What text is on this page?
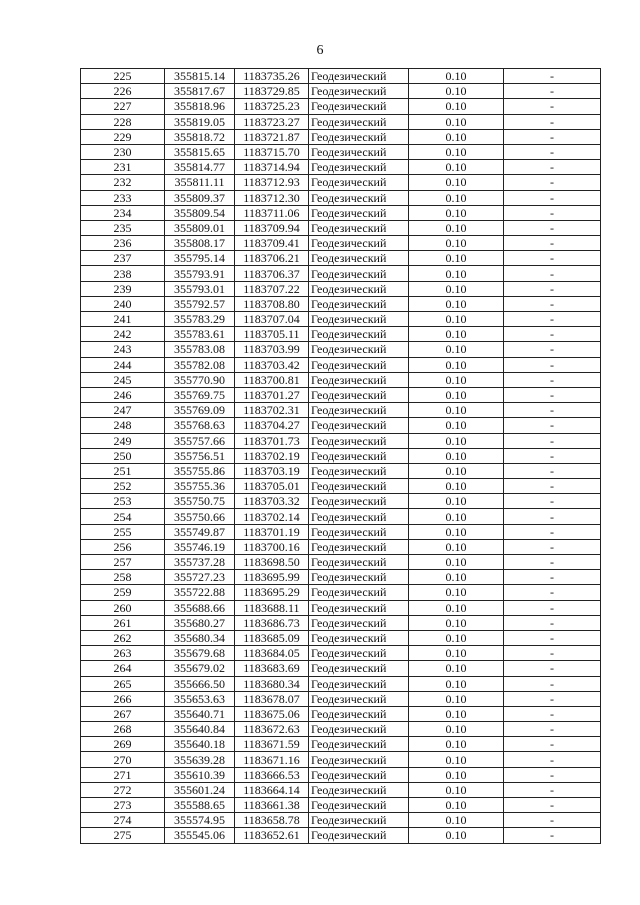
6
225	355815.14	1183735.26	Геодезический	0.10	-
226	355817.67	1183729.85	Геодезический	0.10	-
227	355818.96	1183725.23	Геодезический	0.10	-
228	355819.05	1183723.27	Геодезический	0.10	-
229	355818.72	1183721.87	Геодезический	0.10	-
230	355815.65	1183715.70	Геодезический	0.10	-
231	355814.77	1183714.94	Геодезический	0.10	-
232	355811.11	1183712.93	Геодезический	0.10	-
233	355809.37	1183712.30	Геодезический	0.10	-
234	355809.54	1183711.06	Геодезический	0.10	-
235	355809.01	1183709.94	Геодезический	0.10	-
236	355808.17	1183709.41	Геодезический	0.10	-
237	355795.14	1183706.21	Геодезический	0.10	-
238	355793.91	1183706.37	Геодезический	0.10	-
239	355793.01	1183707.22	Геодезический	0.10	-
240	355792.57	1183708.80	Геодезический	0.10	-
241	355783.29	1183707.04	Геодезический	0.10	-
242	355783.61	1183705.11	Геодезический	0.10	-
243	355783.08	1183703.99	Геодезический	0.10	-
244	355782.08	1183703.42	Геодезический	0.10	-
245	355770.90	1183700.81	Геодезический	0.10	-
246	355769.75	1183701.27	Геодезический	0.10	-
247	355769.09	1183702.31	Геодезический	0.10	-
248	355768.63	1183704.27	Геодезический	0.10	-
249	355757.66	1183701.73	Геодезический	0.10	-
250	355756.51	1183702.19	Геодезический	0.10	-
251	355755.86	1183703.19	Геодезический	0.10	-
252	355755.36	1183705.01	Геодезический	0.10	-
253	355750.75	1183703.32	Геодезический	0.10	-
254	355750.66	1183702.14	Геодезический	0.10	-
255	355749.87	1183701.19	Геодезический	0.10	-
256	355746.19	1183700.16	Геодезический	0.10	-
257	355737.28	1183698.50	Геодезический	0.10	-
258	355727.23	1183695.99	Геодезический	0.10	-
259	355722.88	1183695.29	Геодезический	0.10	-
260	355688.66	1183688.11	Геодезический	0.10	-
261	355680.27	1183686.73	Геодезический	0.10	-
262	355680.34	1183685.09	Геодезический	0.10	-
263	355679.68	1183684.05	Геодезический	0.10	-
264	355679.02	1183683.69	Геодезический	0.10	-
265	355666.50	1183680.34	Геодезический	0.10	-
266	355653.63	1183678.07	Геодезический	0.10	-
267	355640.71	1183675.06	Геодезический	0.10	-
268	355640.84	1183672.63	Геодезический	0.10	-
269	355640.18	1183671.59	Геодезический	0.10	-
270	355639.28	1183671.16	Геодезический	0.10	-
271	355610.39	1183666.53	Геодезический	0.10	-
272	355601.24	1183664.14	Геодезический	0.10	-
273	355588.65	1183661.38	Геодезический	0.10	-
274	355574.95	1183658.78	Геодезический	0.10	-
275	355545.06	1183652.61	Геодезический	0.10	-
